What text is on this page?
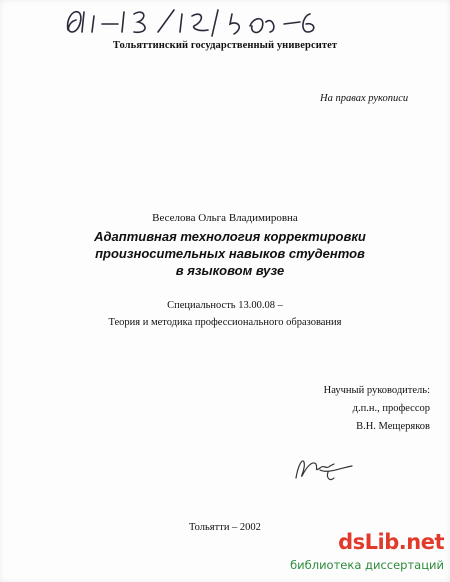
Тольяттинский государственный университет
На правах рукописи
Веселова Ольга Владимировна
Адаптивная технология корректировки
произносительных навыков студентов
в языковом вузе
Специальность 13.00.08 –
Теория и методика профессионального образования
Научный руководитель:
д.п.н., профессор
В.Н. Мещеряков
Тольятти – 2002
dsLib.net
библиотека диссертаций
